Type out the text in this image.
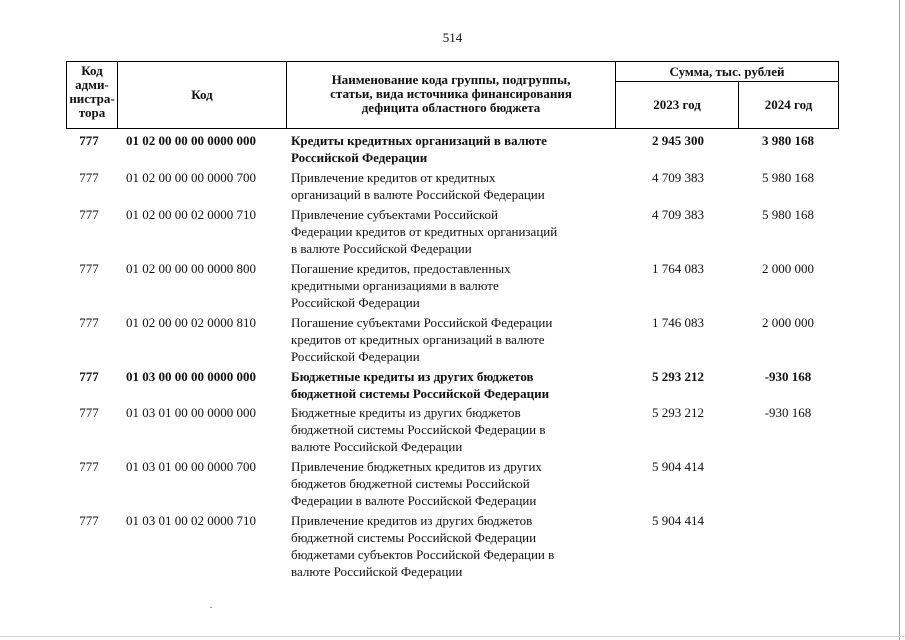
514
Код
адми-
нистра-
тора
Код
Наименование кода группы, подгруппы,
статьи, вида источника финансирования
дефицита областного бюджета
Сумма, тыс. рублей
2023 год	2024 год
777	01 02 00 00 00 0000 000	Кредиты кредитных организаций в валюте
Российской Федерации
2 945 300	3 980 168
777	01 02 00 00 00 0000 700	Привлечение кредитов от кредитных
организаций в валюте Российской Федерации
4 709 383	5 980 168
777	01 02 00 00 02 0000 710	Привлечение субъектами Российской
Федерации кредитов от кредитных организаций
в валюте Российской Федерации
4 709 383	5 980 168
777	01 02 00 00 00 0000 800	Погашение кредитов, предоставленных
кредитными организациями в валюте
Российской Федерации
1 764 083	2 000 000
777	01 02 00 00 02 0000 810	Погашение субъектами Российской Федерации
кредитов от кредитных организаций в валюте
Российской Федерации
1 746 083	2 000 000
777	01 03 00 00 00 0000 000	Бюджетные кредиты из других бюджетов
бюджетной системы Российской Федерации
5 293 212	-930 168
777	01 03 01 00 00 0000 000	Бюджетные кредиты из других бюджетов
бюджетной системы Российской Федерации в
валюте Российской Федерации
5 293 212	-930 168
777	01 03 01 00 00 0000 700	Привлечение бюджетных кредитов из других
бюджетов бюджетной системы Российской
Федерации в валюте Российской Федерации
5 904 414
777	01 03 01 00 02 0000 710	Привлечение кредитов из других бюджетов
бюджетной системы Российской Федерации
бюджетами субъектов Российской Федерации в
валюте Российской Федерации
5 904 414
